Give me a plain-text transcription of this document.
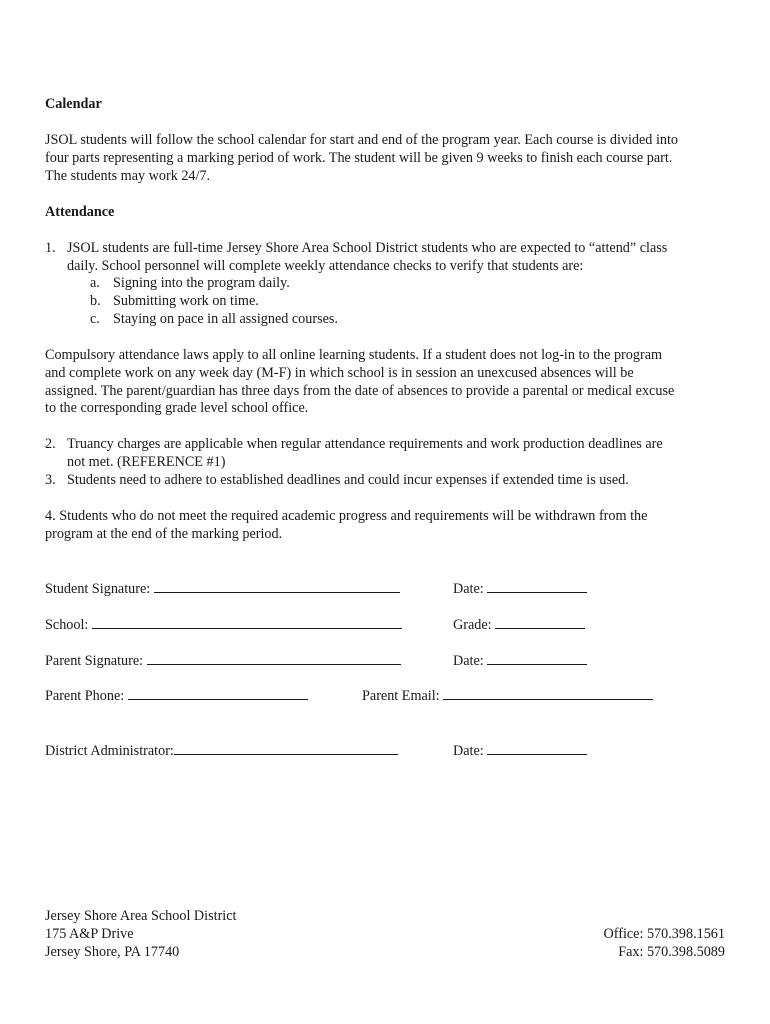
Calendar
JSOL students will follow the school calendar for start and end of the program year. Each course is divided into
four parts representing a marking period of work. The student will be given 9 weeks to finish each course part.
The students may work 24/7.
Attendance
1. JSOL students are full-time Jersey Shore Area School District students who are expected to “attend” class
daily. School personnel will complete weekly attendance checks to verify that students are:
a. Signing into the program daily.
b. Submitting work on time.
c. Staying on pace in all assigned courses.
Compulsory attendance laws apply to all online learning students. If a student does not log-in to the program
and complete work on any week day (M-F) in which school is in session an unexcused absences will be
assigned. The parent/guardian has three days from the date of absences to provide a parental or medical excuse
to the corresponding grade level school office.
2. Truancy charges are applicable when regular attendance requirements and work production deadlines are
not met. (REFERENCE #1)
3. Students need to adhere to established deadlines and could incur expenses if extended time is used.
4. Students who do not meet the required academic progress and requirements will be withdrawn from the
program at the end of the marking period.
Student Signature:	Date:
School:	Grade:
Parent Signature:	Date:
Parent Phone:	Parent Email:
District Administrator:	Date:
Jersey Shore Area School District
175 A&P Drive
Jersey Shore, PA 17740
Office: 570.398.1561
Fax: 570.398.5089
